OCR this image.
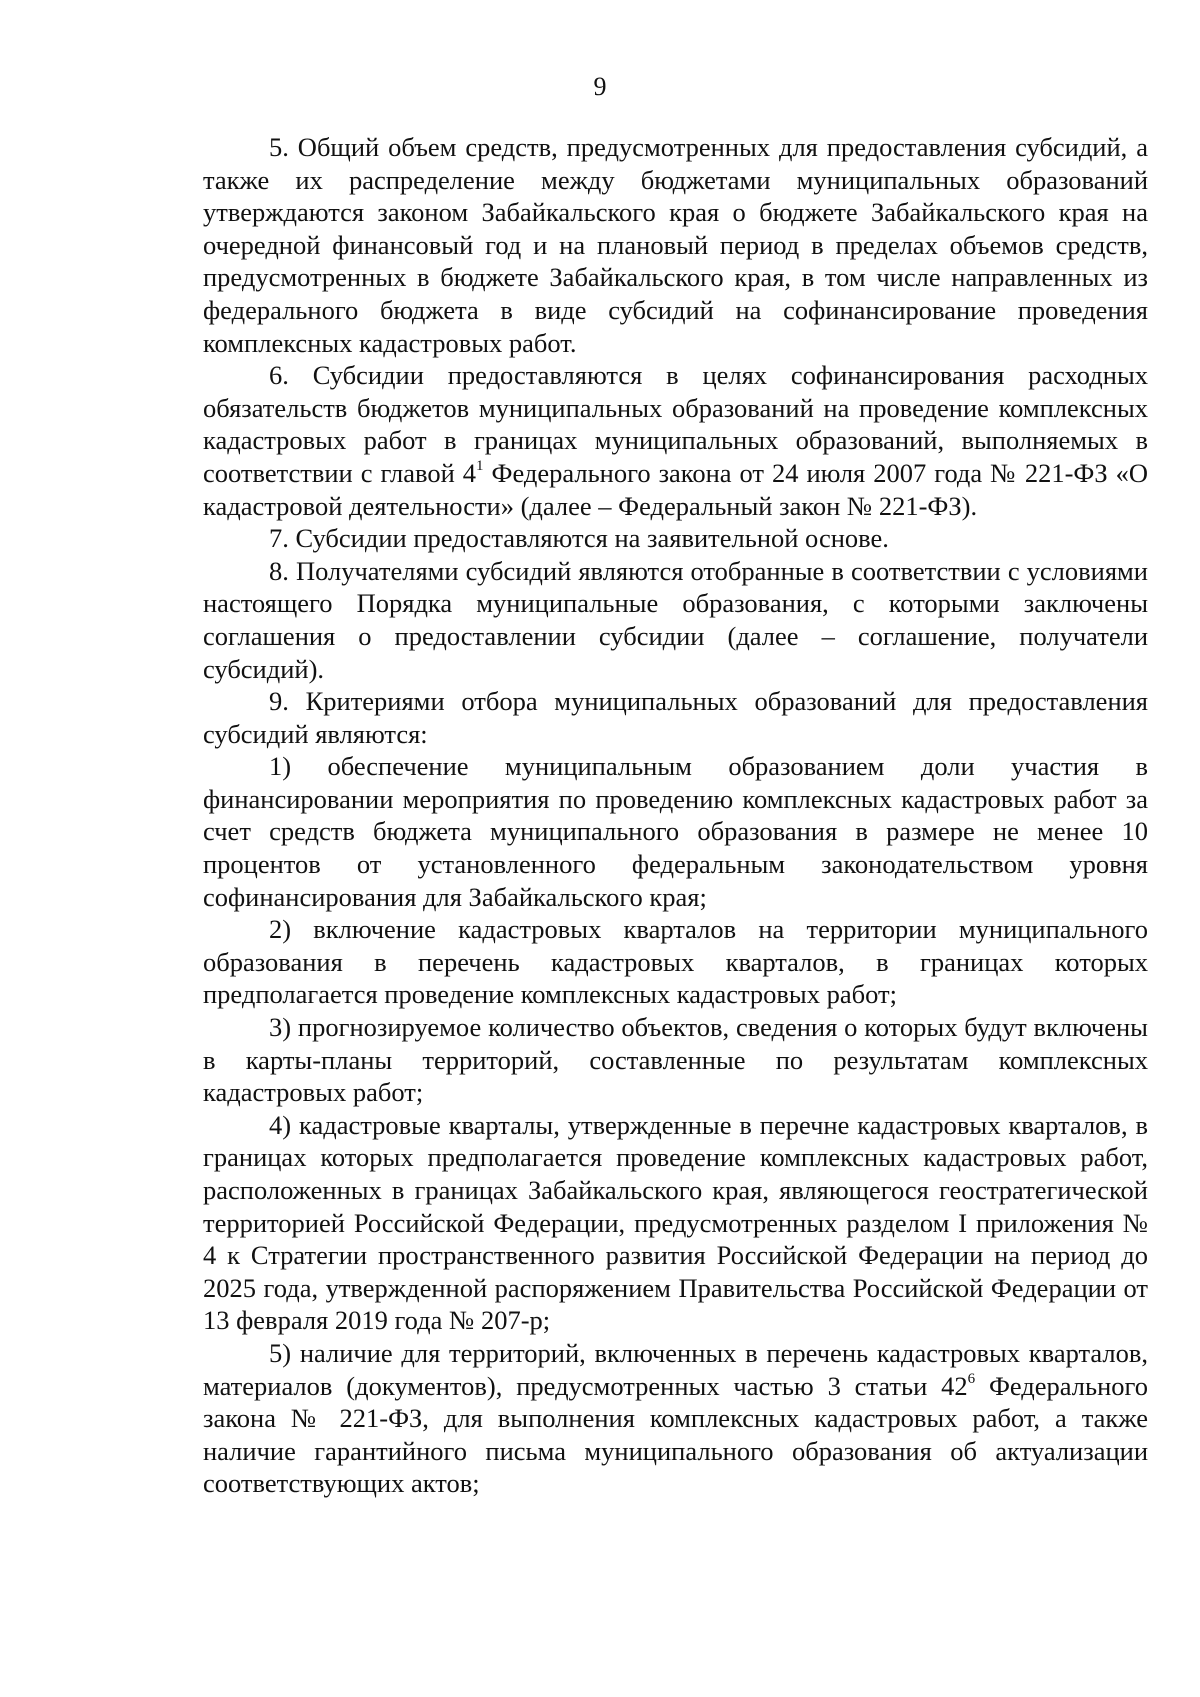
9

5. Общий объем средств, предусмотренных для предоставления субсидий, а также их распределение между бюджетами муниципальных образований утверждаются законом Забайкальского края о бюджете Забайкальского края на очередной финансовый год и на плановый период в пределах объемов средств, предусмотренных в бюджете Забайкальского края, в том числе направленных из федерального бюджета в виде субсидий на софинансирование проведения комплексных кадастровых работ.

6. Субсидии предоставляются в целях софинансирования расходных обязательств бюджетов муниципальных образований на проведение комплексных кадастровых работ в границах муниципальных образований, выполняемых в соответствии с главой $4^1$ Федерального закона от 24 июля 2007 года № 221-ФЗ «О кадастровой деятельности» (далее – Федеральный закон № 221-ФЗ).

7. Субсидии предоставляются на заявительной основе.

8. Получателями субсидий являются отобранные в соответствии с условиями настоящего Порядка муниципальные образования, с которыми заключены соглашения о предоставлении субсидии (далее – соглашение, получатели субсидий).

9. Критериями отбора муниципальных образований для предоставления субсидий являются:

1) обеспечение муниципальным образованием доли участия в финансировании мероприятия по проведению комплексных кадастровых работ за счет средств бюджета муниципального образования в размере не менее 10 процентов от установленного федеральным законодательством уровня софинансирования для Забайкальского края;

2) включение кадастровых кварталов на территории муниципального образования в перечень кадастровых кварталов, в границах которых предполагается проведение комплексных кадастровых работ;

3) прогнозируемое количество объектов, сведения о которых будут включены в карты-планы территорий, составленные по результатам комплексных кадастровых работ;

4) кадастровые кварталы, утвержденные в перечне кадастровых кварталов, в границах которых предполагается проведение комплексных кадастровых работ, расположенных в границах Забайкальского края, являющегося геостратегической территорией Российской Федерации, предусмотренных разделом I приложения № 4 к Стратегии пространственного развития Российской Федерации на период до 2025 года, утвержденной распоряжением Правительства Российской Федерации от 13 февраля 2019 года № 207-р;

5) наличие для территорий, включенных в перечень кадастровых кварталов, материалов (документов), предусмотренных частью 3 статьи $42^6$ Федерального закона № 221-ФЗ, для выполнения комплексных кадастровых работ, а также наличие гарантийного письма муниципального образования об актуализации соответствующих актов;
